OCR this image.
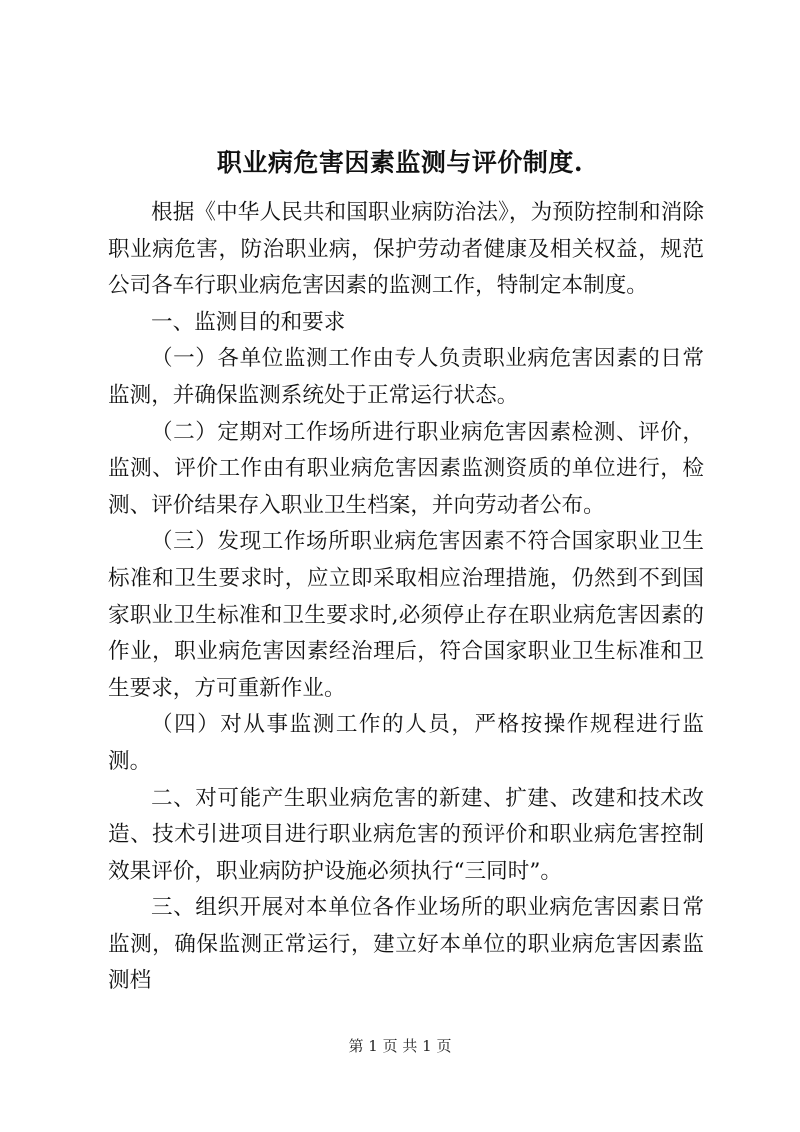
职业病危害因素监测与评价制度.

根据《中华人民共和国职业病防治法》，为预防控制和消除职业病危害，防治职业病，保护劳动者健康及相关权益，规范公司各车行职业病危害因素的监测工作，特制定本制度。

一、监测目的和要求

（一）各单位监测工作由专人负责职业病危害因素的日常监测，并确保监测系统处于正常运行状态。

（二）定期对工作场所进行职业病危害因素检测、评价，监测、评价工作由有职业病危害因素监测资质的单位进行，检测、评价结果存入职业卫生档案，并向劳动者公布。

（三）发现工作场所职业病危害因素不符合国家职业卫生标准和卫生要求时，应立即采取相应治理措施，仍然到不到国家职业卫生标准和卫生要求时,必须停止存在职业病危害因素的作业，职业病危害因素经治理后，符合国家职业卫生标准和卫生要求，方可重新作业。

（四）对从事监测工作的人员，严格按操作规程进行监测。

二、对可能产生职业病危害的新建、扩建、改建和技术改造、技术引进项目进行职业病危害的预评价和职业病危害控制效果评价，职业病防护设施必须执行“三同时”。

三、组织开展对本单位各作业场所的职业病危害因素日常监测，确保监测正常运行，建立好本单位的职业病危害因素监测档

第 1 页 共 1 页
